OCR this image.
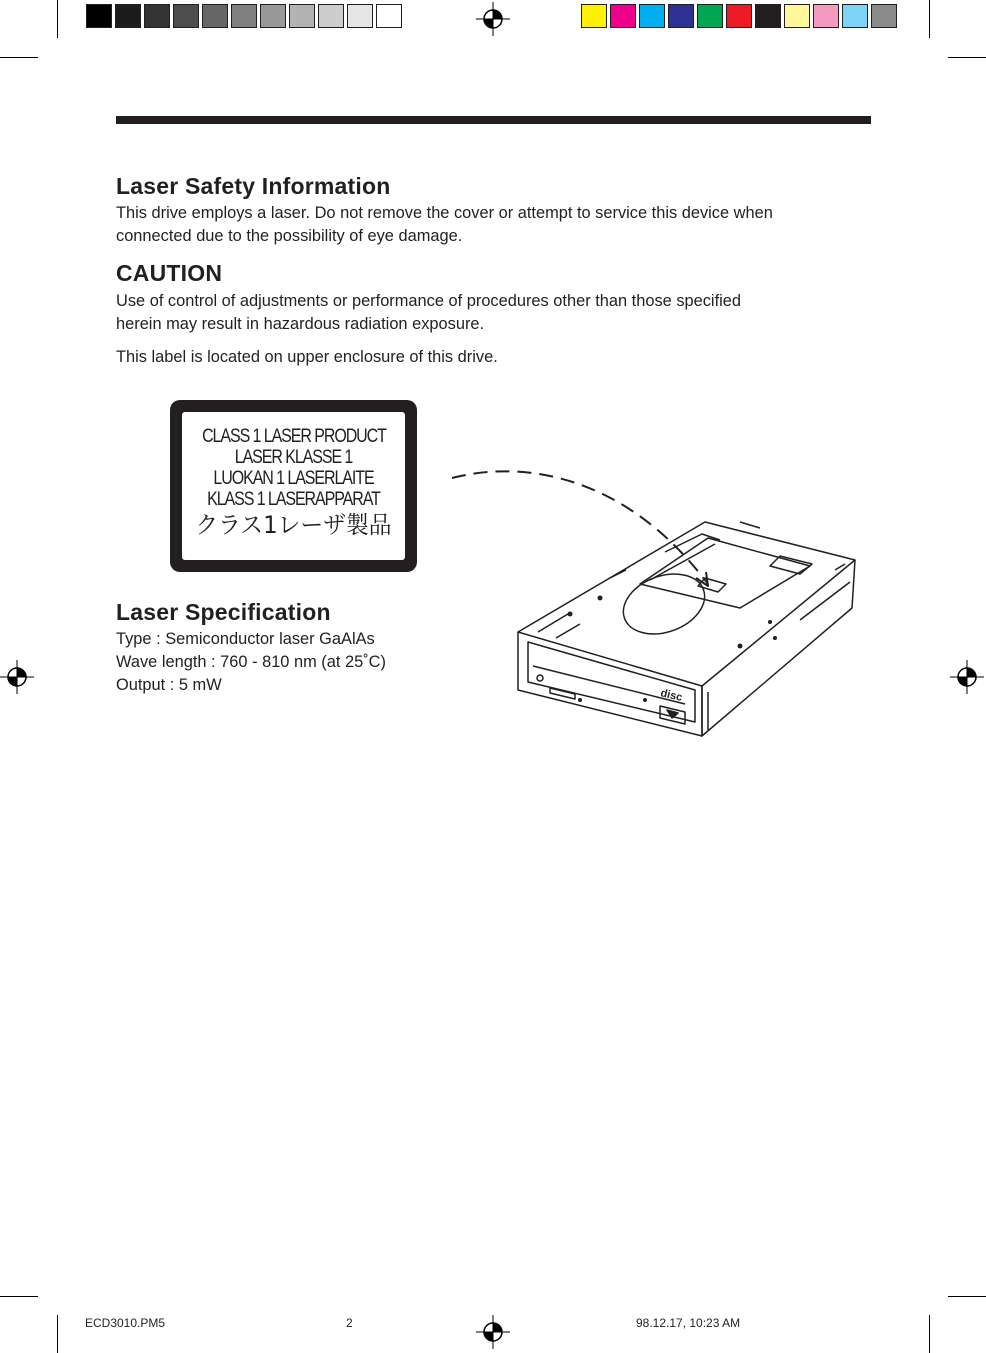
Laser Safety Information

This drive employs a laser. Do not remove the cover or attempt to service this device when

connected due to the possibility of eye damage.

CAUTION

Use of control of adjustments or performance of procedures other than those specified

herein may result in hazardous radiation exposure.

This label is located on upper enclosure of this drive.

CLASS 1 LASER PRODUCT
LASER KLASSE 1
LUOKAN 1 LASERLAITE
KLASS 1 LASERAPPARAT
クラス1レーザ製品
Laser Specification

Type : Semiconductor laser GaAlAs

Wave length : 760 - 810 nm (at 25˚C)

Output : 5 mW

disc
ECD3010.PM5	2	98.12.17, 10:23 AM
